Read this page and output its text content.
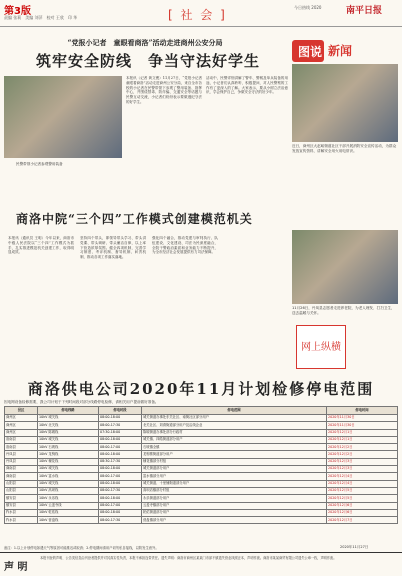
第3版
责编 张莉　美编 刘萍　校对 王欣　印 华	[ 社 会 ]
今日热线 2020	南平日报
“党报小记者　童眼看商洛”活动走进商州公安分局
筑牢安全防线　争当守法好学生
民警带领小记者参观警用装备

本报讯（记者 黄文俊）11月27日，“党报小记者 童眼看商洛”活动走进商州公安分局，来自全市各校的小记者在民警带领下参观了警用装备、指挥中心，并围绕禁毒、防诈骗、交通安全等话题与民警互动交流，小记者们纷纷表示要做遵纪守法的好学生。

活动中，民警详细讲解了警车、警械及单兵装备的用途，小记者们认真聆听、积极提问，对人民警察的工作有了更深入的了解。大家表示，要从小树立法治意识，学会保护自己，争做安全守法的好少年。

图说 新闻
近日，商州区大赵峪街道社区干部开展消防安全宣传活动，为群众发放宣传资料，讲解安全用火用电常识。
商洛中院“三个四”工作模式创建模范机关

本报讯（通讯员 王明）今年以来，商洛市中级人民法院以“三个四”工作模式为抓手，扎实推进模范机关创建工作，取得明显成效。

坚持四个带头，即领导带头学习、带头讲党课、带头调研、带头廉洁自律，以上率下营造浓厚氛围。健全四项机制，完善学习制度、考评机制、督导机制、问责机制，推动各项工作落实落地。

强化四个融合，推动党建与审判执行、队伍建设、文化建设、司法为民深度融合，全院干警政治素质和业务能力不断提升，为全市经济社会发展提供有力司法保障。

11月26日，丹凤县志愿者走进养老院，为老人理发、打扫卫生，送去温暖与关怀。
网上纵横
商洛供电公司2020年11月计划检修停电范围
因电网设备检修需要，我公司计划于下列时间段对部分线路停电检修，请相关用户提前做好准备。
县区	停电线路	停电时段	停电范围	停电时间
商州区	10kV 城关线	08:00-18:00	城关街道办事处东关社区、南街社区部分用户	2020年11月30日
商州区	10kV 北关线	08:00-17:30	北关社区、刘湾街道部分用户及沿线企业	2020年11月30日
商州区	10kV 陈塬线	07:30-18:00	陈塬街道办事处部分行政村	2020年12月1日
洛南县	10kV 城关线	08:00-18:00	城关镇、四皓街道部分用户	2020年12月1日
洛南县	10kV 石坡线	08:00-17:00	石坡镇全镇	2020年12月2日
丹凤县	10kV 龙驹线	08:00-18:00	龙驹寨街道部分用户	2020年12月2日
丹凤县	10kV 棣花线	08:30-17:30	棣花镇部分村组	2020年12月3日
商南县	10kV 城关线	08:00-18:00	城关街道部分用户	2020年12月3日
商南县	10kV 富水线	08:00-17:00	富水镇部分用户	2020年12月4日
山阳县	10kV 城关线	08:00-18:00	城关街道、十里铺街道部分用户	2020年12月4日
山阳县	10kV 高坝线	08:00-17:30	高坝店镇部分村组	2020年12月5日
镇安县	10kV 永乐线	08:00-18:00	永乐街道部分用户	2020年12月5日
镇安县	10kV 云盖寺线	08:00-17:00	云盖寺镇部分用户	2020年12月6日
柞水县	10kV 乾佑线	08:00-18:00	乾佑街道部分用户	2020年12月6日
柞水县	10kV 营盘线	08:00-17:30	营盘镇部分用户	2020年12月7日
备注：1.以上计划停电如遇天气等原因可能推迟或取消；2.停电期间请用户切勿私自接线，以防发生意外。	2020年11月27日
声 明
本报刊登的声明、公告类信息由刊登者提供并对其真实性负责，本报不承担连带责任。遗失声明：商洛市商州区某某门市部不慎遗失营业执照正本，声明作废。商洛市某某商贸有限公司遗失公章一枚，声明作废。
